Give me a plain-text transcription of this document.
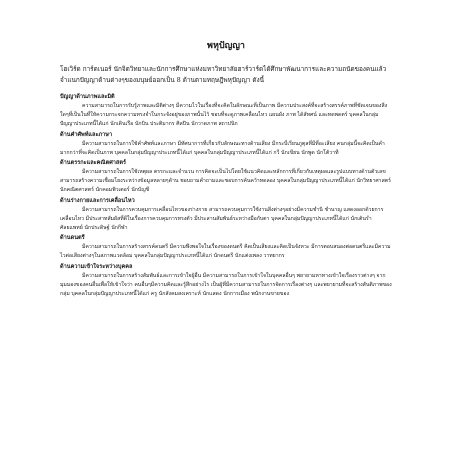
พหุปัญญา

โฮเวิร์ด การ์ดเนอร์ นักจิตวิทยาและนักการศึกษาแห่งมหาวิทยาลัยฮาร์วาร์ดได้ศึกษาพัฒนาการและความถนัดของคนแล้วจำแนกปัญญาด้านต่างๆของมนุษย์ออกเป็น 8 ด้านตามทฤษฎีพหุปัญญา ดังนี้

ปัญญาด้านภาพและมิติ

ความสามารถในการรับรู้ภาพและมิติต่างๆ มีความไวในเรื่องที่จะคิดในลักษณะที่เป็นภาพ มีความประสงค์ที่จะสร้างสรรค์ภาพที่ชัดเจนของสิ่งใดๆที่เป็นในที่ให้ความกระจกความทรงจำในกระจังอยู่ของภาพนั้นไว้ ชอบที่จะดูภาพเคลื่อนไหว แผนผัง ภาพ ได้สัทศน์ และทดพดตร์ บุคคลในกลุ่มปัญญาประเภทนี้ได้แก่ นักเดินเรือ นักบิน ประติมากร ศิลปิน นักวาดภาพ สถาปนิก

ด้านคำศัพท์และภาษา

มีความสามารถในการใช้คำศัพท์และภาษา มีทัศนาการที่เกี่ยวกับลักษณะทางด้านเสียง มีกระบี่เรียนภูตุลที่มีที่อะเสียง คนกลุ่มนี้จะคิดเป็นคำมากกว่าที่จะคิดเป็นภาพ บุคคลในกลุ่มปัญญาประเภทนี้ได้แก่ บุคคลในกลุ่มปัญญาประเภทนี้ได้แก่ กวี นักเขียน นักพูด นักโต้วาที

ด้านตรรกะและคณิตศาสตร์

มีความสามารถในการใช้เหตุผล ตรรกะและจำนวน การคิดจะเป็นไปโดยใช้แนวคิดและหลักการที่เกี่ยวกับเหตุผลและรูปแบบทางด้านตัวเลข สามารถสร้างความเชื่อมโยงระหว่างข้อมูลหลายๆด้าน ชอบถามคำถามและชอบการค้นคว้าทดลอง บุคคลในกลุ่มปัญญาประเภทนี้ได้แก่ นักวิทยาศาสตร์ นักคณิตศาสตร์ นักคอมพิวเตอร์ นักบัญชี

ด้านร่างกายและการเคลื่อนไหว

มีความสามารถในการควบคุมการเคลื่อนไหวของร่างกาย สามารถควบคุมการใช้งานสิ่งต่างๆอย่างมีความชำนิ ชำนาญ แสดงออกด้วยการเคลื่อนไหว มีประสาทสัมผัสที่ดีในเรื่องการควบคุมการทรงตัว มีประสานสัมพันธ์ระหว่างมือกับตา บุคคลในกลุ่มปัญญาประเภทนี้ได้แก่ นักเต้นรำ ศัลยแพทย์ นักประดิษฐ์ นักกีฬา

ด้านดนตรี

มีความสามารถในการสร้างสรรค์ดนตรี มีความพึงพอใจในเรื่องของดนตรี คิดเป็นเสียงและคิดเป็นจังหวะ มีการตอบสนองต่อดนตรีและมีความไวต่อเสียงต่างๆในสภาพแวดล้อม บุคคลในกลุ่มปัญญาประเภทนี้ได้แก่ นักดนตรี นักแต่งเพลง วาทยากร

ด้านความเข้าใจระหว่างบุคคล

มีความสามารถในการสร้างสัมพันธ์และการเข้าใจผู้อื่น มีความสามารถในการเข้าใจในบุคคลอื่นๆ พยายามหาทางเข้าใจเรื่องราวต่างๆ จากมุมมองของคนอื่นเพื่อให้เข้าใจว่า คนอื่นๆมีความคิดและรู้สึกอย่างไร เป็นผู้ที่มีความสามารถในการจัดการเรื่องต่างๆ และพยายามที่จะสร้างสันติภาพของกลุ่ม บุคคลในกลุ่มปัญญาประเภทนี้ได้แก่ ครู นักสังคมสงเคราะห์ นักแสดง นักการเมือง พนักงานขายของ
